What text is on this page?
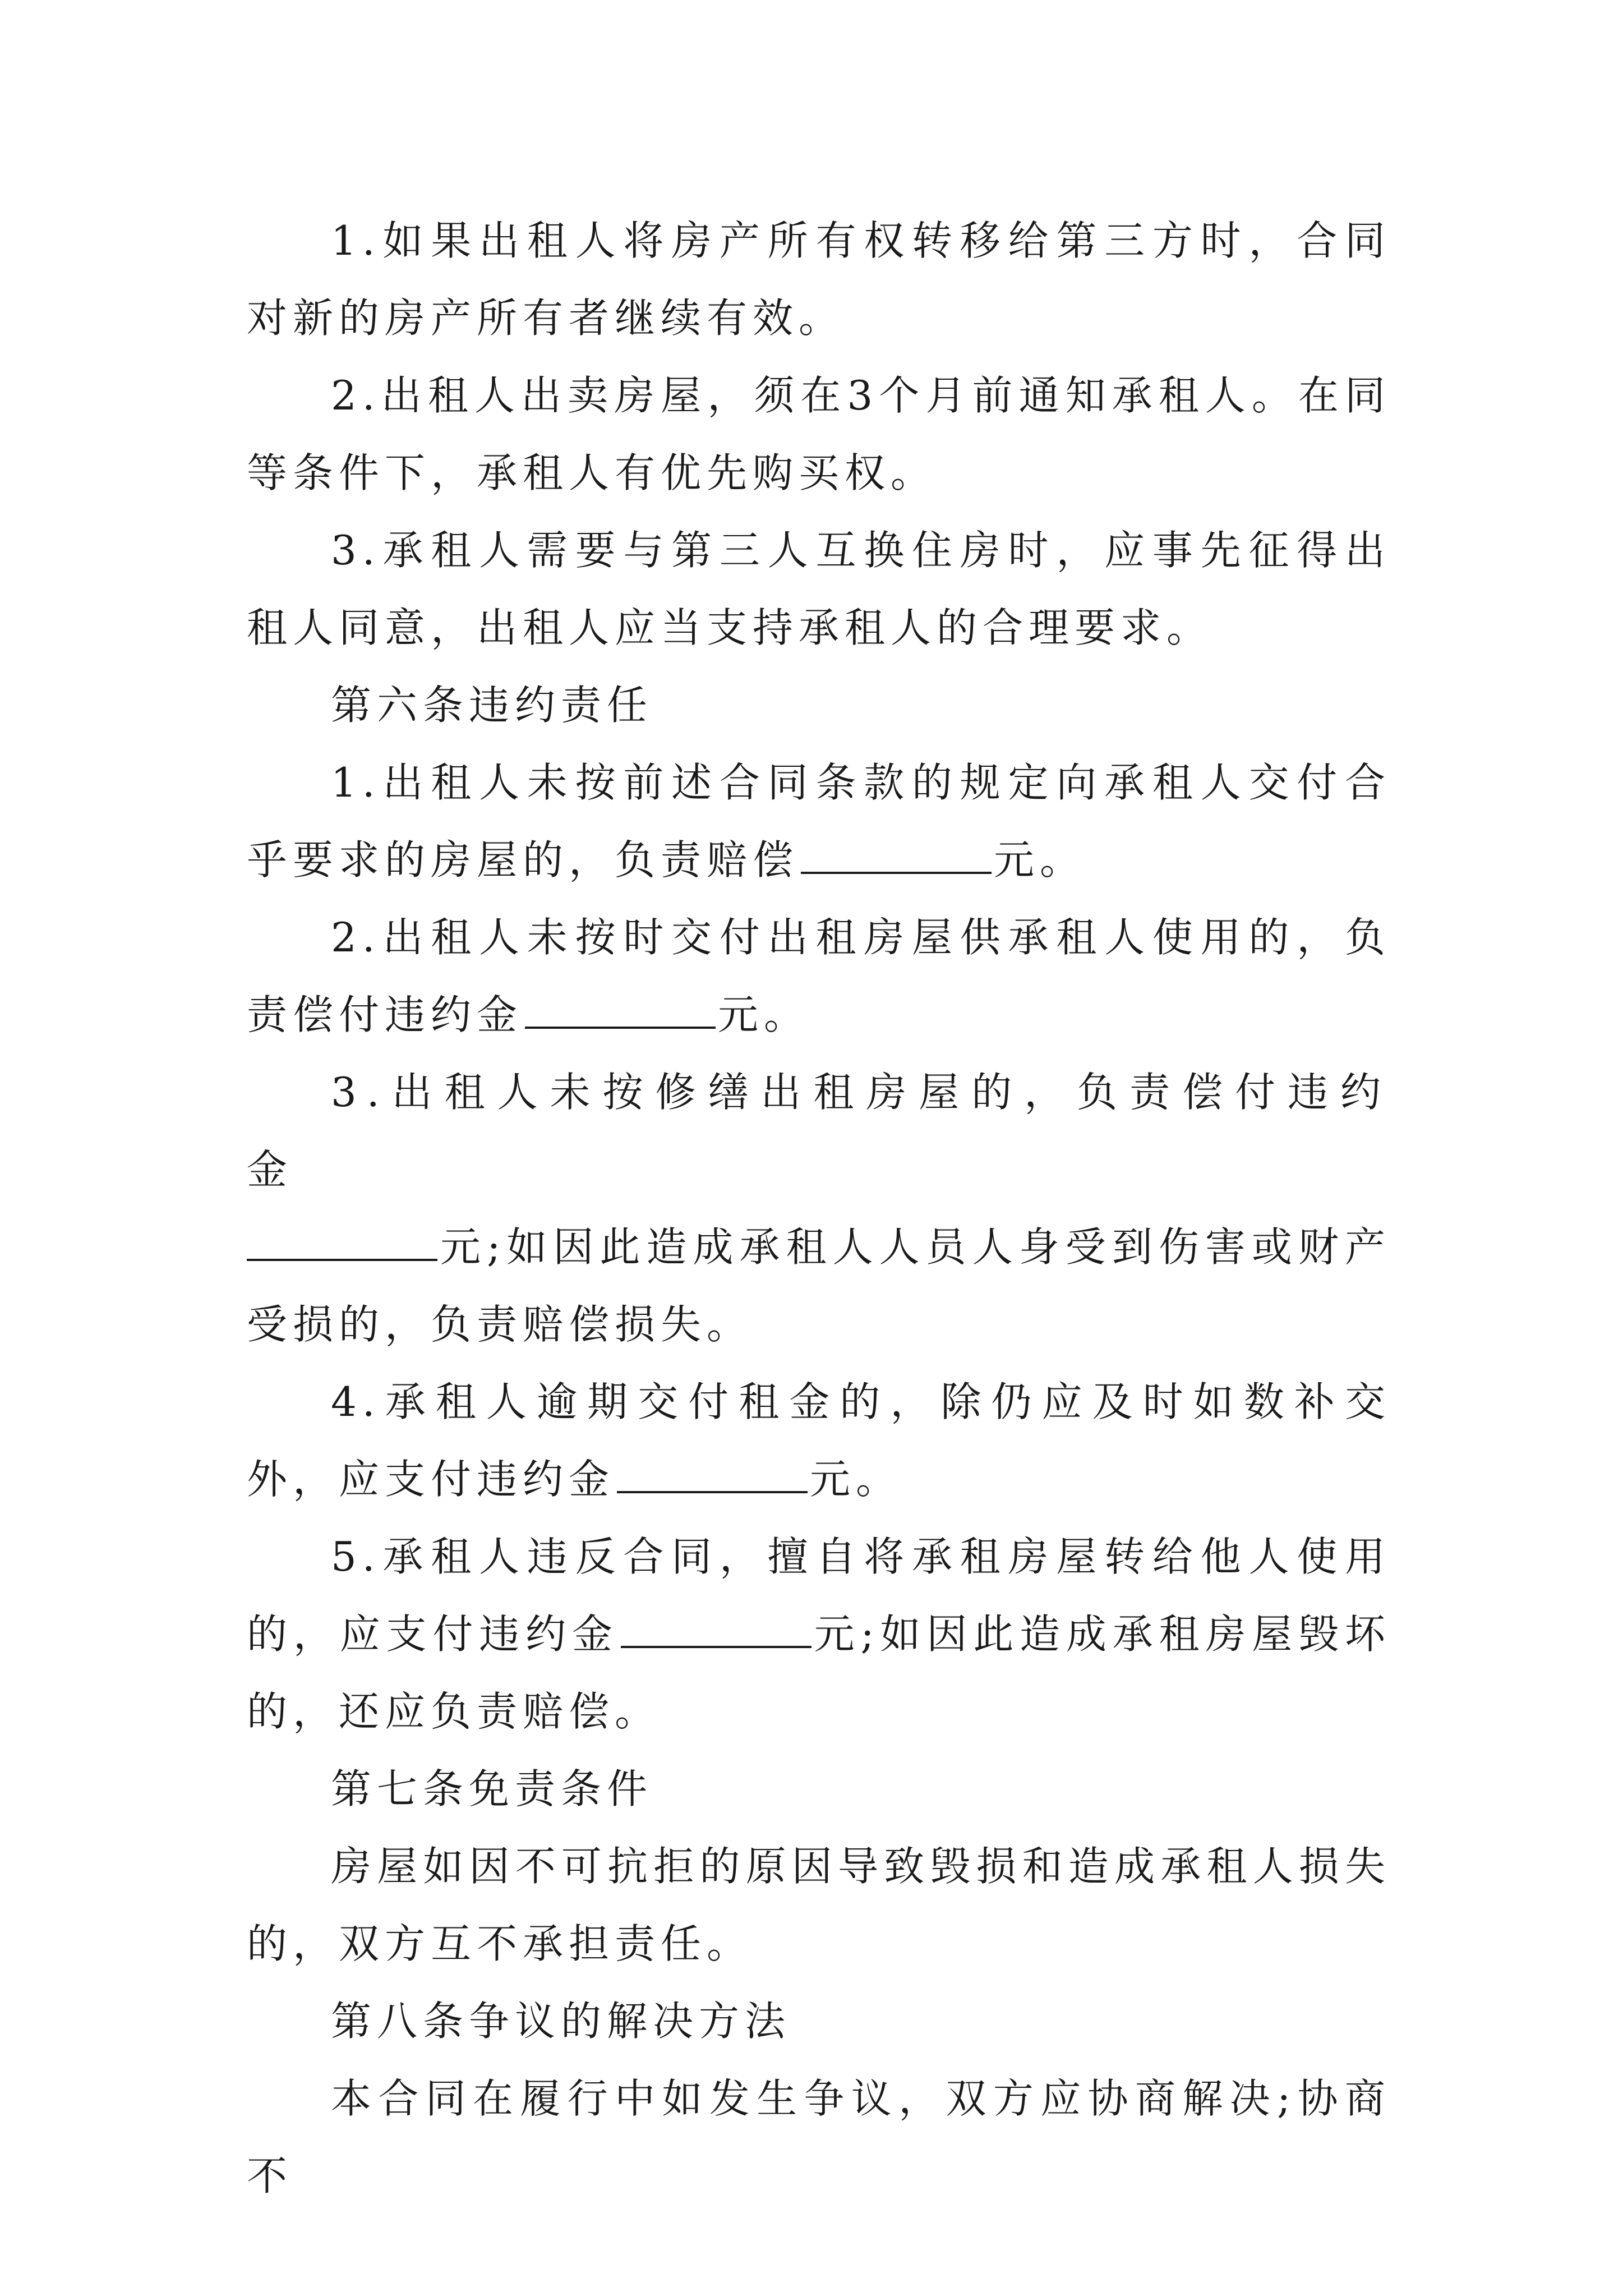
1.如果出租人将房产所有权转移给第三方时，合同对新的房产所有者继续有效。

2.出租人出卖房屋，须在3个月前通知承租人。在同等条件下，承租人有优先购买权。

3.承租人需要与第三人互换住房时，应事先征得出租人同意，出租人应当支持承租人的合理要求。

第六条违约责任

1.出租人未按前述合同条款的规定向承租人交付合乎要求的房屋的，负责赔偿	元。

2.出租人未按时交付出租房屋供承租人使用的，负责偿付违约金	元。

3.出租人未按修缮出租房屋的，负责偿付违约金

元;如因此造成承租人人员人身受到伤害或财产受损的，负责赔偿损失。

4.承租人逾期交付租金的，除仍应及时如数补交外，应支付违约金	元。

5.承租人违反合同，擅自将承租房屋转给他人使用的，应支付违约金	元;如因此造成承租房屋毁坏的，还应负责赔偿。

第七条免责条件

房屋如因不可抗拒的原因导致毁损和造成承租人损失的，双方互不承担责任。

第八条争议的解决方法

本合同在履行中如发生争议，双方应协商解决;协商不
